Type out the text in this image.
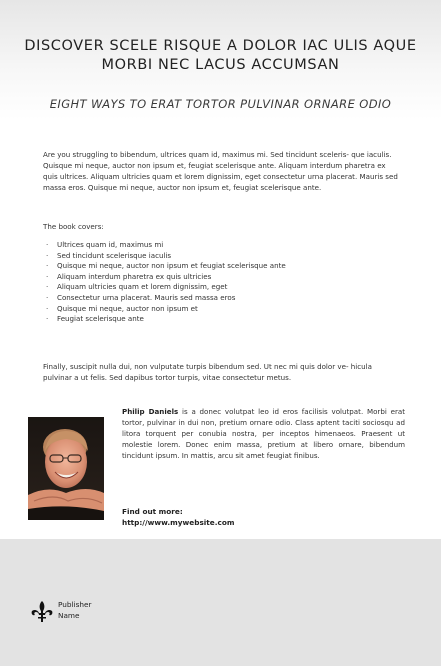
DISCOVER SCELE RISQUE A DOLOR IAC ULIS AQUE MORBI NEC LACUS ACCUMSAN
EIGHT WAYS TO ERAT TORTOR PULVINAR ORNARE ODIO
Are you struggling to bibendum, ultrices quam id, maximus mi. Sed tincidunt sceleris- que iaculis. Quisque mi neque, auctor non ipsum et, feugiat scelerisque ante. Aliquam interdum pharetra ex quis ultrices. Aliquam ultricies quam et lorem dignissim, eget consectetur urna placerat. Mauris sed massa eros. Quisque mi neque, auctor non ipsum et, feugiat scelerisque ante.
The book covers:
· Ultrices quam id, maximus mi
· Sed tincidunt scelerisque iaculis
· Quisque mi neque, auctor non ipsum et feugiat scelerisque ante
· Aliquam interdum pharetra ex quis ultricies
· Aliquam ultricies quam et lorem dignissim, eget
· Consectetur urna placerat. Mauris sed massa eros
· Quisque mi neque, auctor non ipsum et
· Feugiat scelerisque ante
Finally, suscipit nulla dui, non vulputate turpis bibendum sed. Ut nec mi quis dolor ve- hicula pulvinar a ut felis. Sed dapibus tortor turpis, vitae consectetur metus.
Philip Daniels is a donec volutpat leo id eros facilisis volutpat. Morbi erat tortor, pulvinar in dui non, pretium ornare odio. Class aptent taciti sociosqu ad litora torquent per conubia nostra, per inceptos himenaeos. Praesent ut molestie lorem. Donec enim massa, pretium at libero ornare, bibendum tincidunt ipsum. In mattis, arcu sit amet feugiat finibus.
Find out more:
http://www.mywebsite.com
Publisher
Name
